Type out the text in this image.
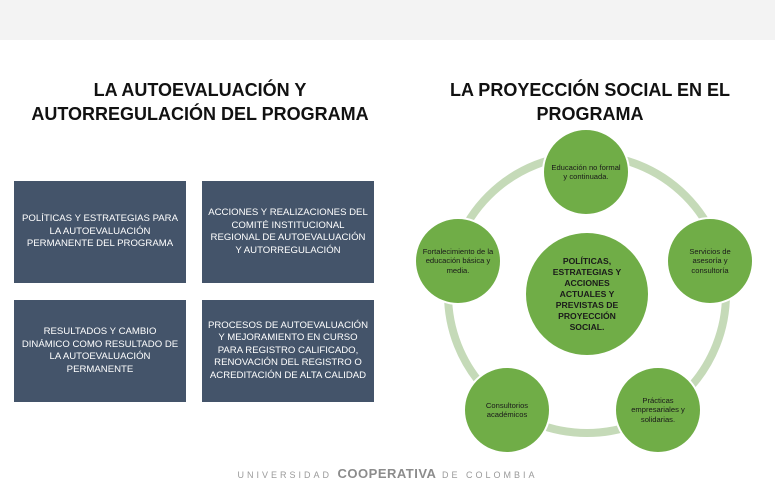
LA AUTOEVALUACIÓN Y
AUTORREGULACIÓN DEL PROGRAMA
POLÍTICAS Y ESTRATEGIAS PARA LA AUTOEVALUACIÓN PERMANENTE DEL PROGRAMA
ACCIONES Y REALIZACIONES DEL COMITÉ INSTITUCIONAL REGIONAL DE AUTOEVALUACIÓN Y AUTORREGULACIÓN
RESULTADOS Y CAMBIO DINÁMICO COMO RESULTADO DE LA AUTOEVALUACIÓN PERMANENTE
PROCESOS DE AUTOEVALUACIÓN Y MEJORAMIENTO EN CURSO PARA REGISTRO CALIFICADO, RENOVACIÓN DEL REGISTRO O ACREDITACIÓN DE ALTA CALIDAD
LA PROYECCIÓN SOCIAL EN EL
PROGRAMA
Educación no formal y continuada.
Servicios de asesoría y consultoría
Prácticas empresariales y solidarias.
Consultorios académicos
Fortalecimiento de la educación básica y media.
POLÍTICAS, ESTRATEGIAS Y ACCIONES ACTUALES Y PREVISTAS DE PROYECCIÓN SOCIAL.
UNIVERSIDAD COOPERATIVA DE COLOMBIA
